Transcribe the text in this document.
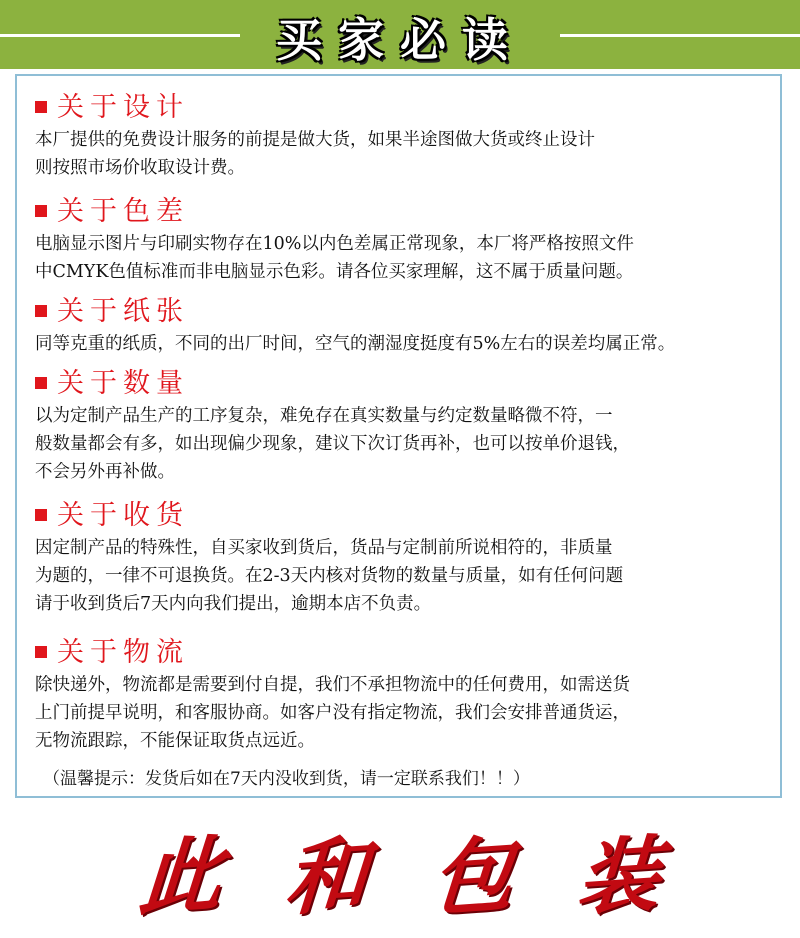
买家必读
关于设计
本厂提供的免费设计服务的前提是做大货，如果半途图做大货或终止设计
则按照市场价收取设计费。
关于色差
电脑显示图片与印刷实物存在10%以内色差属正常现象，本厂将严格按照文件
中CMYK色值标准而非电脑显示色彩。请各位买家理解，这不属于质量问题。
关于纸张
同等克重的纸质，不同的出厂时间，空气的潮湿度挺度有5%左右的误差均属正常。
关于数量
以为定制产品生产的工序复杂，难免存在真实数量与约定数量略微不符，一
般数量都会有多，如出现偏少现象，建议下次订货再补，也可以按单价退钱，
不会另外再补做。
关于收货
因定制产品的特殊性，自买家收到货后，货品与定制前所说相符的，非质量
为题的，一律不可退换货。在2-3天内核对货物的数量与质量，如有任何问题
请于收到货后7天内向我们提出，逾期本店不负责。
关于物流
除快递外，物流都是需要到付自提，我们不承担物流中的任何费用，如需送货
上门前提早说明，和客服协商。如客户没有指定物流，我们会安排普通货运，
无物流跟踪，不能保证取货点远近。
（温馨提示：发货后如在7天内没收到货，请一定联系我们！！）
此 和 包 装
